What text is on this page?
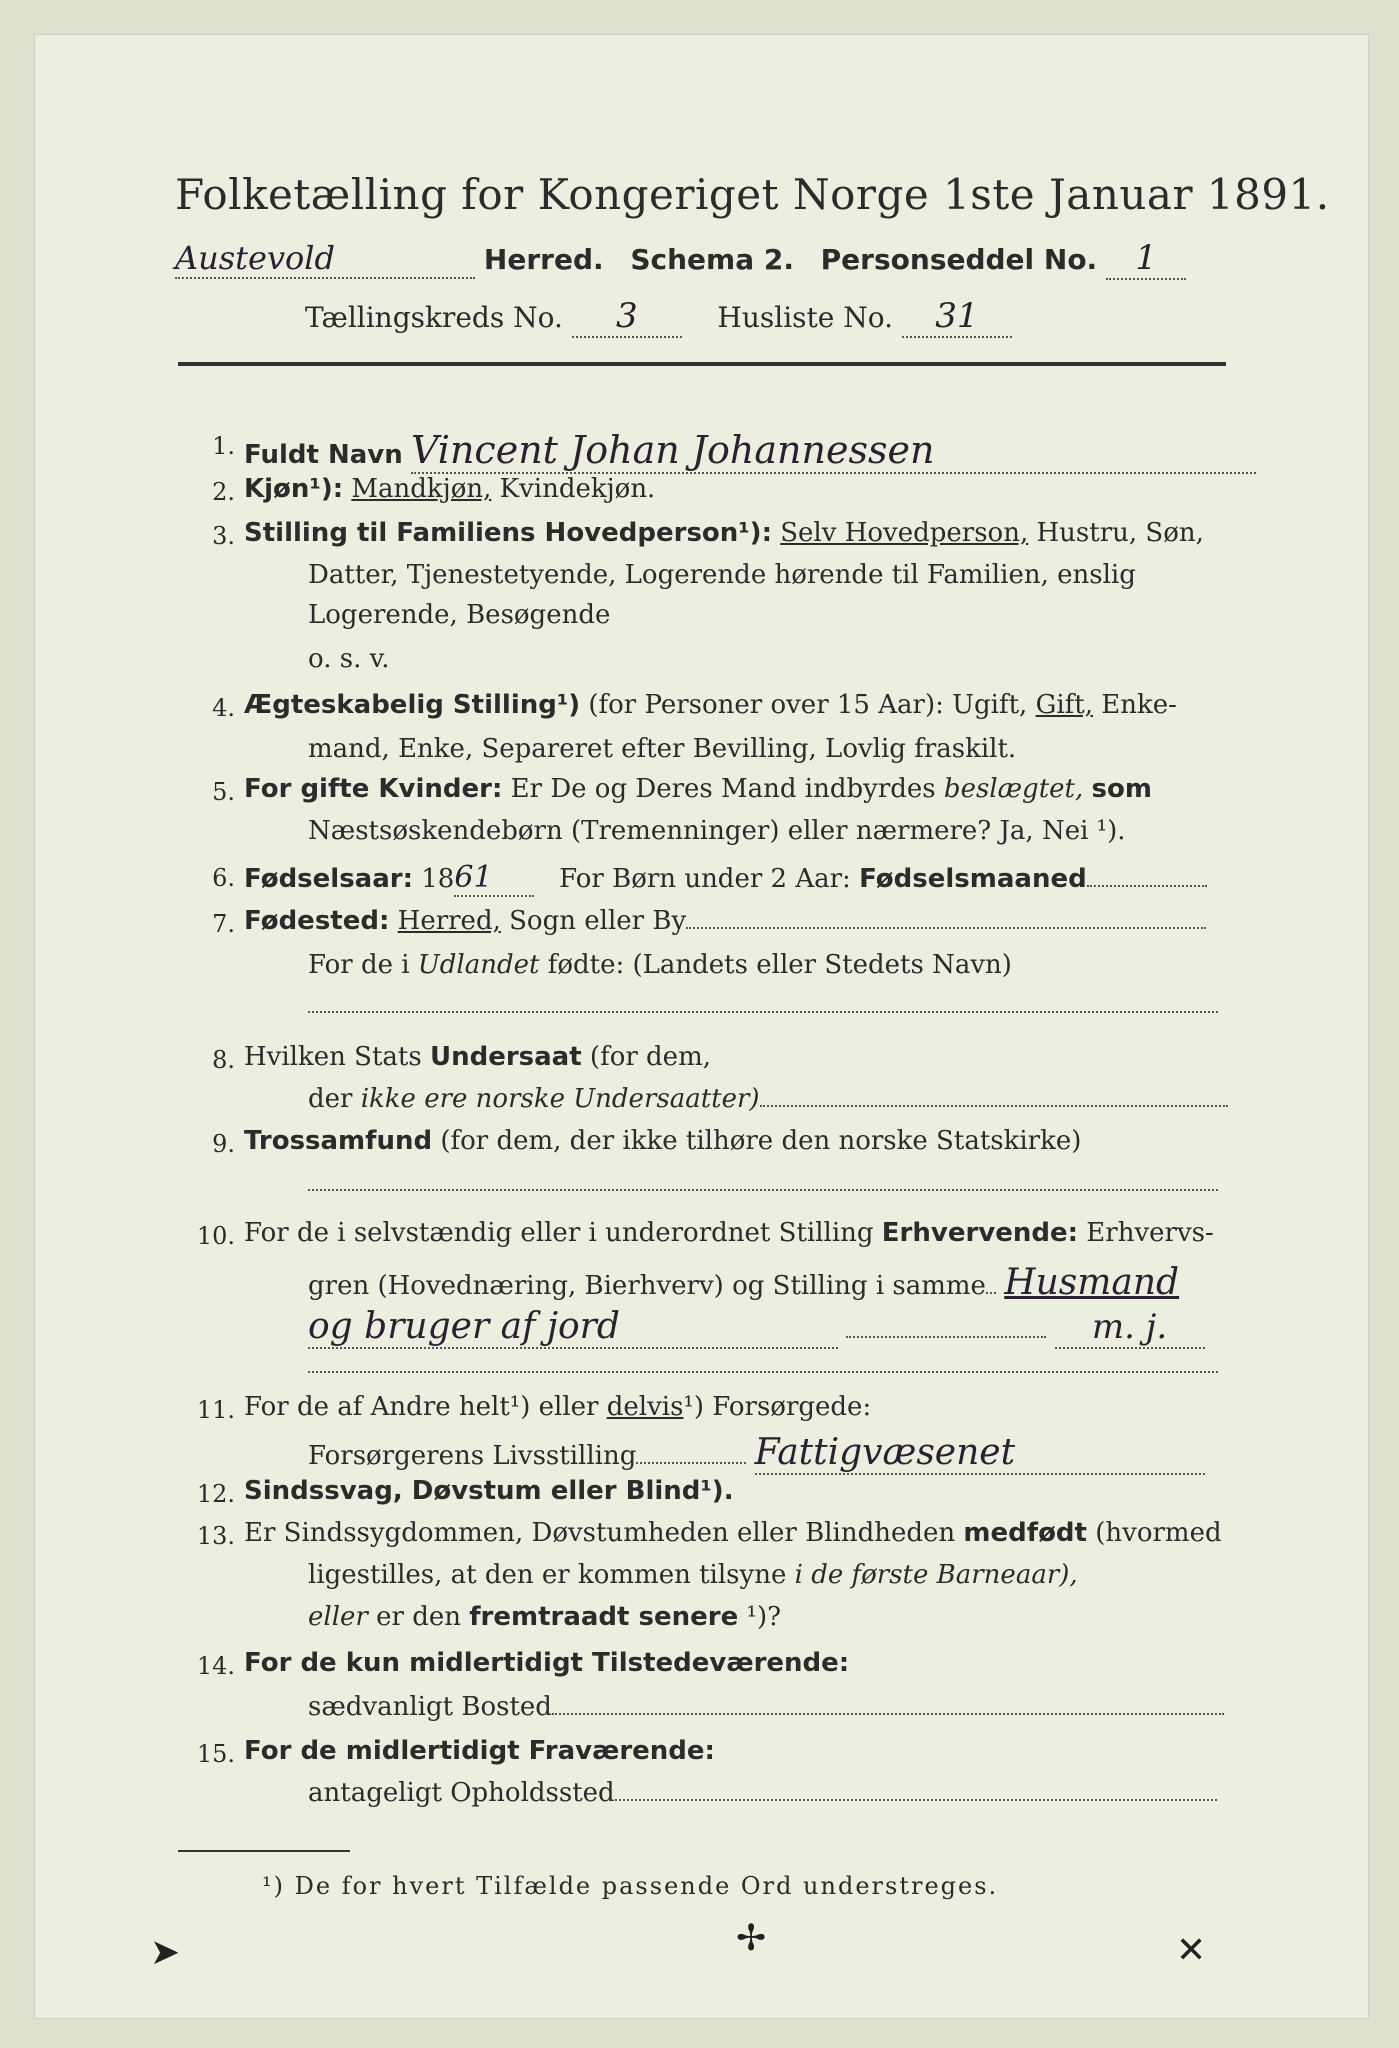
Folketælling for Kongeriget Norge 1ste Januar 1891.
Austevold	Herred. Schema 2. Personseddel No. 1
Tællingskreds No. 3	Husliste No. 31
1. Fuldt Navn Vincent Johan Johannessen
2. Kjøn¹): Mandkjøn, Kvindekjøn.
3. Stilling til Familiens Hovedperson¹): Selv Hovedperson, Hustru, Søn,
Datter, Tjenestetyende, Logerende hørende til Familien, enslig
Logerende, Besøgende
o. s. v.
4. Ægteskabelig Stilling¹) (for Personer over 15 Aar): Ugift, Gift, Enke-
mand, Enke, Separeret efter Bevilling, Lovlig fraskilt.
5. For gifte Kvinder: Er De og Deres Mand indbyrdes beslægtet, som
Næstsøskendebørn (Tremenninger) eller nærmere? Ja, Nei ¹).
6. Fødselsaar: 1861	For Børn under 2 Aar: Fødselsmaaned
7. Fødested: Herred, Sogn eller By
For de i Udlandet fødte: (Landets eller Stedets Navn)
8. Hvilken Stats Undersaat (for dem,
der ikke ere norske Undersaatter)
9. Trossamfund (for dem, der ikke tilhøre den norske Statskirke)
10. For de i selvstændig eller i underordnet Stilling Erhvervende: Erhvervs-
gren (Hovednæring, Bierhverv) og Stilling i samme Husmand
og bruger af jord	m. j.
11. For de af Andre helt¹) eller delvis¹) Forsørgede:
Forsørgerens Livsstilling	Fattigvæsenet
12. Sindssvag, Døvstum eller Blind¹).
13. Er Sindssygdommen, Døvstumheden eller Blindheden medfødt (hvormed
ligestilles, at den er kommen tilsyne i de første Barneaar),
eller er den fremtraadt senere ¹)?
14. For de kun midlertidigt Tilstedeværende:
sædvanligt Bosted
15. For de midlertidigt Fraværende:
antageligt Opholdssted
¹) De for hvert Tilfælde passende Ord understreges.
➤	✢	✕
